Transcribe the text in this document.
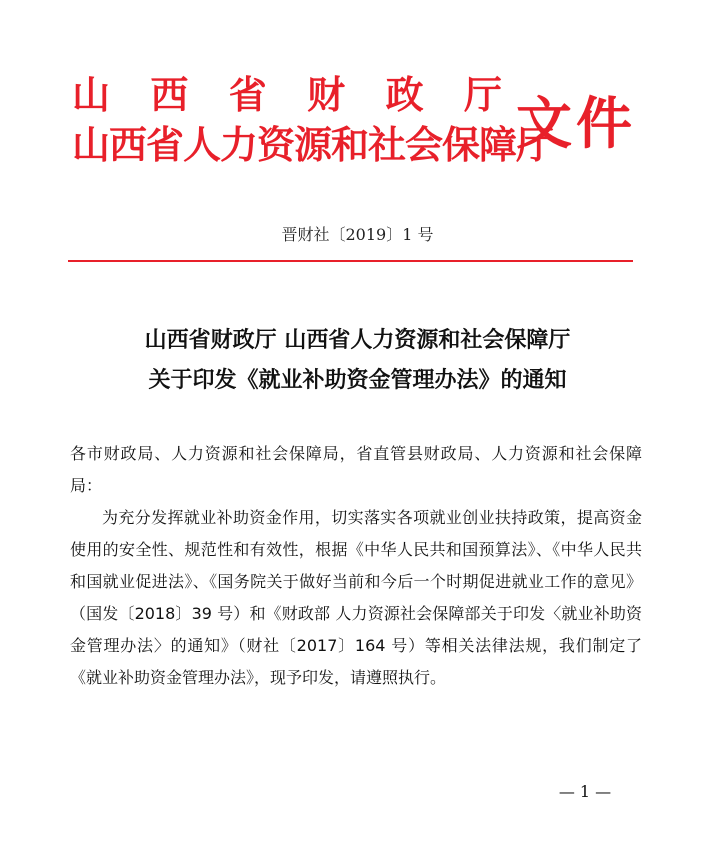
山 西 省 财 政 厅
山西省人力资源和社会保障厅
文件
晋财社〔2019〕1 号
山西省财政厅 山西省人力资源和社会保障厅
关于印发《就业补助资金管理办法》的通知

各市财政局、人力资源和社会保障局，省直管县财政局、人力资源和社会保障局：

为充分发挥就业补助资金作用，切实落实各项就业创业扶持政策，提高资金使用的安全性、规范性和有效性，根据《中华人民共和国预算法》、《中华人民共和国就业促进法》、《国务院关于做好当前和今后一个时期促进就业工作的意见》（国发〔2018〕39 号）和《财政部 人力资源社会保障部关于印发〈就业补助资金管理办法〉的通知》（财社〔2017〕164 号）等相关法律法规，我们制定了《就业补助资金管理办法》，现予印发，请遵照执行。

— 1 —
